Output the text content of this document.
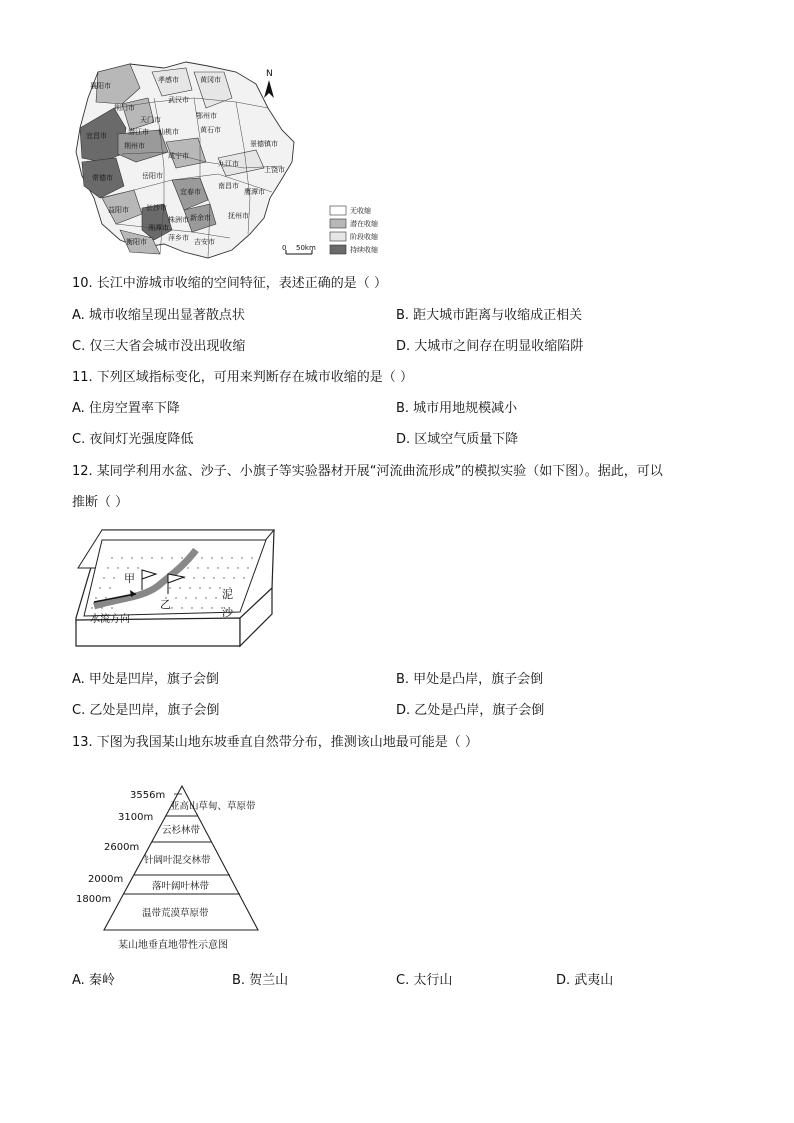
襄阳市
荆门市
孝感市	黄冈市
宜昌市
天门市
武汉市
潜江市 仙桃市
鄂州市
荆州市
黄石市
咸宁市
九江市
景德镇市
上饶市
常德市	岳阳市
益阳市
宜春市
南昌市
鹰潭市
长沙市
新余市 抚州市
株洲市
湘潭市
衡阳市	萍乡市 吉安市
N
0 50km
无收缩
潜在收缩
阶段收缩
持续收缩
10. 长江中游城市收缩的空间特征，表述正确的是（ ）
A. 城市收缩呈现出显著散点状	B. 距大城市距离与收缩成正相关
C. 仅三大省会城市没出现收缩	D. 大城市之间存在明显收缩陷阱
11. 下列区域指标变化，可用来判断存在城市收缩的是（ ）
A. 住房空置率下降	B. 城市用地规模减小
C. 夜间灯光强度降低	D. 区域空气质量下降
12. 某同学利用水盆、沙子、小旗子等实验器材开展“河流曲流形成”的模拟实验（如下图）。据此，可以
推断（ ）
甲
乙
泥
沙
水流方向
A. 甲处是凹岸，旗子会倒	B. 甲处是凸岸，旗子会倒
C. 乙处是凹岸，旗子会倒	D. 乙处是凸岸，旗子会倒
13. 下图为我国某山地东坡垂直自然带分布，推测该山地最可能是（ ）
3556m
3100m
2600m
2000m
1800m
亚高山草甸、草原带
云杉林带
针阔叶混交林带
落叶阔叶林带
温带荒漠草原带
某山地垂直地带性示意图
A. 秦岭	B. 贺兰山	C. 太行山	D. 武夷山
